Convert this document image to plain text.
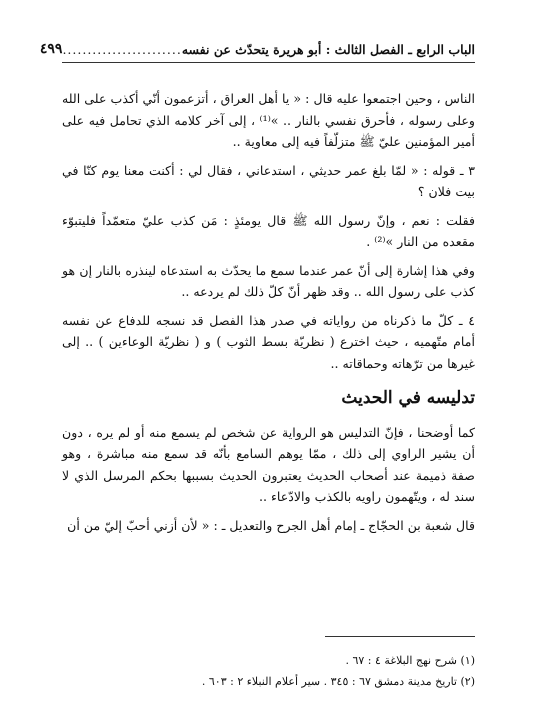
الباب الرابع ـ الفصل الثالث : أبو هريرة يتحدّث عن نفسه
........................
٤٩٩

الناس ، وحين اجتمعوا عليه قال : « يا أهل العراق ، أتزعمون أنّي أكذب على الله وعلى رسوله ، فأحرق نفسي بالنار .. »⁽¹⁾ ، إلى آخر كلامه الذي تحامل فيه على أمير المؤمنين عليّ ﷺ متزلّفاً فيه إلى معاوية ..

٣ ـ قوله : « لمّا بلغ عمر حديثي ، استدعاني ، فقال لي : أكنت معنا يوم كنّا في بيت فلان ؟

فقلت : نعم ، وإنّ رسول الله ﷺ قال يومئذٍ : مَن كذب عليّ متعمّداً فليتبوّء مقعده من النار »⁽²⁾ .

وفي هذا إشارة إلى أنّ عمر عندما سمع ما يحدّث به استدعاه لينذره بالنار إن هو كذب على رسول الله .. وقد ظهر أنّ كلّ ذلك لم يردعه ..

٤ ـ كلّ ما ذكرناه من رواياته في صدر هذا الفصل قد نسجه للدفاع عن نفسه أمام متّهميه ، حيث اخترع ( نظريّة بسط الثوب ) و ( نظريّة الوعاءين ) .. إلى غيرها من ترّهاته وحماقاته ..

تدليسه في الحديث

كما أوضحنا ، فإنّ التدليس هو الرواية عن شخص لم يسمع منه أو لم يره ، دون أن يشير الراوي إلى ذلك ، ممّا يوهم السامع بأنّه قد سمع منه مباشرة ، وهو صفة ذميمة عند أصحاب الحديث يعتبرون الحديث بسببها بحكم المرسل الذي لا سند له ، ويتّهمون راويه بالكذب والادّعاء ..

قال شعبة بن الحجّاج ـ إمام أهل الجرح والتعديل ـ : « لأن أزني أحبّ إليّ من أن

(١) شرح نهج البلاغة ٤ : ٦٧ .
(٢) تاريخ مدينة دمشق ٦٧ : ٣٤٥ . سير أعلام النبلاء ٢ : ٦٠٣ .
